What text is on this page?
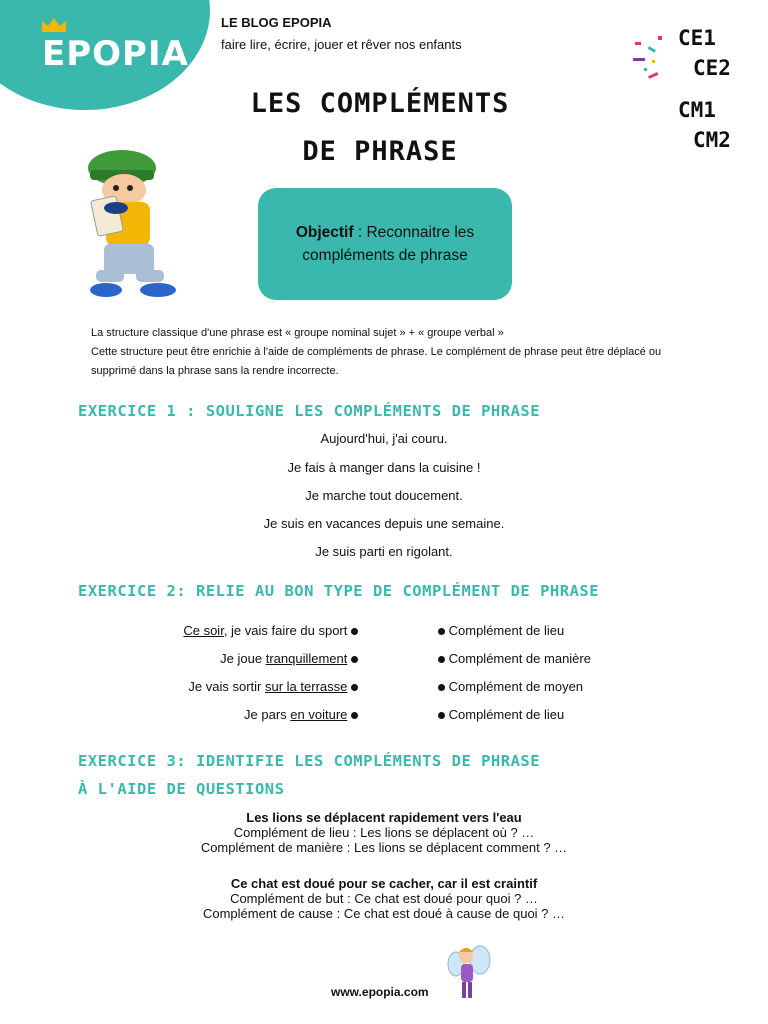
EPOPIA
LE BLOG EPOPIA
faire lire, écrire, jouer et rêver nos enfants	CE1
CE2
CM1
CM2
LES COMPLÉMENTS
DE PHRASE
Objectif : Reconnaitre les compléments de phrase
La structure classique d'une phrase est « groupe nominal sujet » + « groupe verbal »
Cette structure peut être enrichie à l'aide de compléments de phrase. Le complément de phrase peut être déplacé ou supprimé dans la phrase sans la rendre incorrecte.
EXERCICE 1 : SOULIGNE LES COMPLÉMENTS DE PHRASE
Aujourd'hui, j'ai couru.
Je fais à manger dans la cuisine !
Je marche tout doucement.
Je suis en vacances depuis une semaine.
Je suis parti en rigolant.
EXERCICE 2: RELIE AU BON TYPE DE COMPLÉMENT DE PHRASE
Ce soir, je vais faire du sport
Je joue tranquillement
Je vais sortir sur la terrasse
Je pars en voiture
Complément de lieu
Complément de manière
Complément de moyen
Complément de lieu
EXERCICE 3: IDENTIFIE LES COMPLÉMENTS DE PHRASE
À L'AIDE DE QUESTIONS
Les lions se déplacent rapidement vers l'eau
Complément de lieu : Les lions se déplacent où ? …
Complément de manière : Les lions se déplacent comment ? …
Ce chat est doué pour se cacher, car il est craintif
Complément de but : Ce chat est doué pour quoi ? …
Complément de cause : Ce chat est doué à cause de quoi ? …
www.epopia.com
